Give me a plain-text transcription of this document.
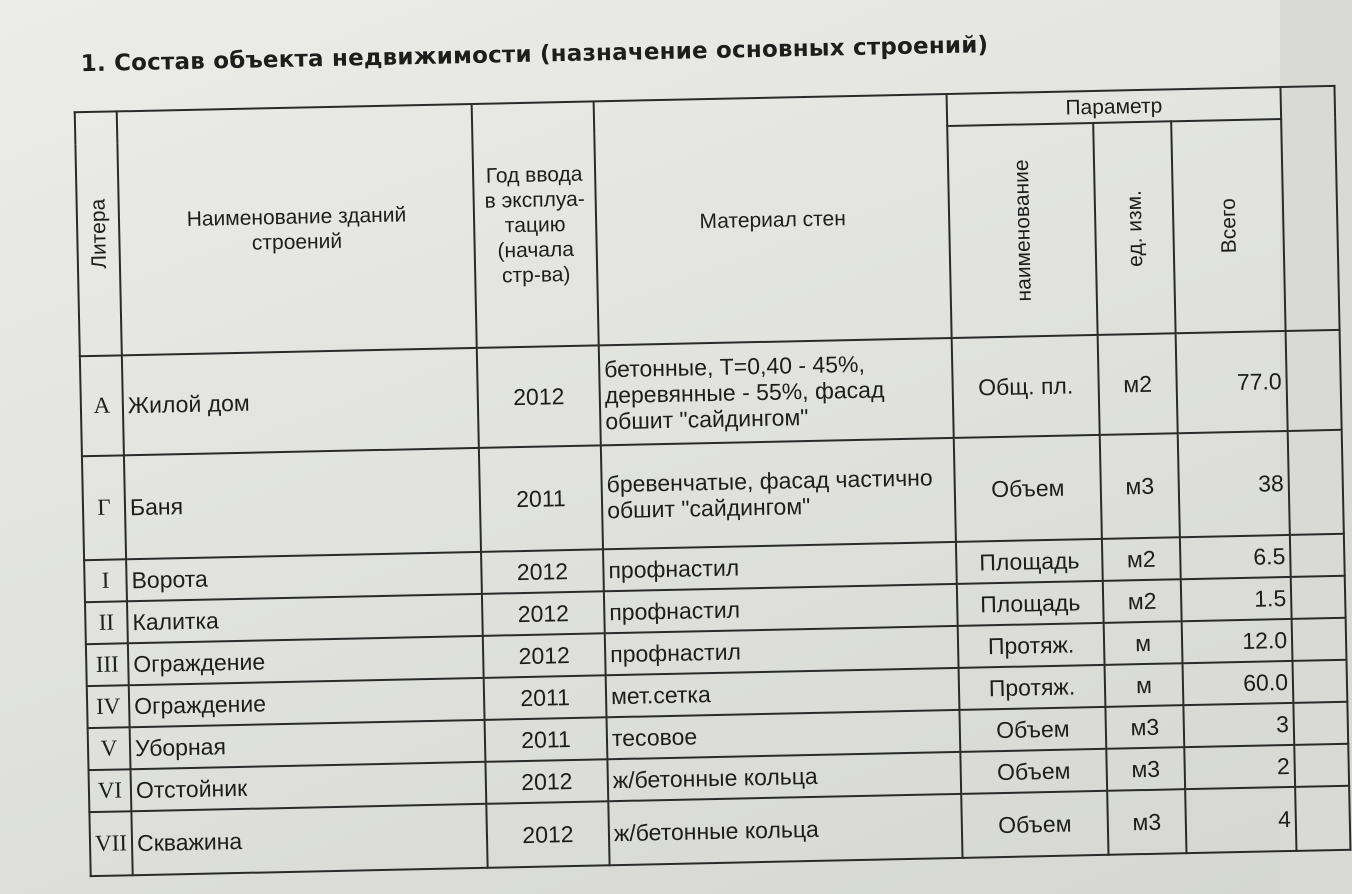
1. Состав объекта недвижимости (назначение основных строений)
Литера	Наименование зданий строений	Год ввода в эксплуа-тацию (начала стр-ва)	Материал стен	Параметр			

				наименование	ед. изм.	Всего	

А	Жилой дом	2012	бетонные, Т=0,40 - 45%, деревянные - 55%, фасад обшит "сайдингом"	Общ. пл.	м2	77.0	
Г	Баня	2011	бревенчатые, фасад частично обшит "сайдингом"	Объем	м3	38	
I	Ворота	2012	профнастил	Площадь	м2	6.5	
II	Калитка	2012	профнастил	Площадь	м2	1.5	
III	Ограждение	2012	профнастил	Протяж.	м	12.0	
IV	Ограждение	2011	мет.сетка	Протяж.	м	60.0	
V	Уборная	2011	тесовое	Объем	м3	3	
VI	Отстойник	2012	ж/бетонные кольца	Объем	м3	2	
VII	Скважина	2012	ж/бетонные кольца	Объем	м3	4	
